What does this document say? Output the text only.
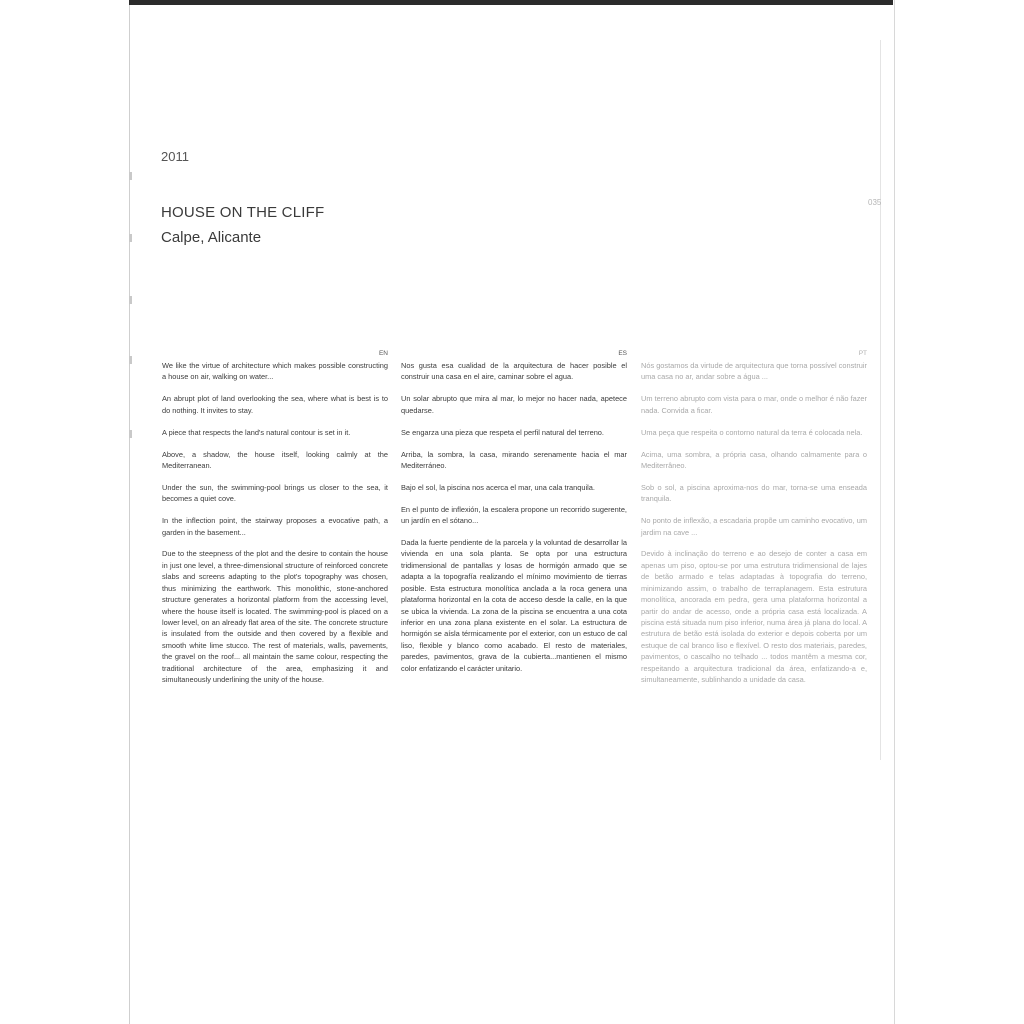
2011
HOUSE ON THE CLIFF
Calpe, Alicante
035
EN

We like the virtue of architecture which makes possible constructing a house on air, walking on water...

An abrupt plot of land overlooking the sea, where what is best is to do nothing. It invites to stay.

A piece that respects the land's natural contour is set in it.

Above, a shadow, the house itself, looking calmly at the Mediterranean.

Under the sun, the swimming-pool brings us closer to the sea, it becomes a quiet cove.

In the inflection point, the stairway proposes a evocative path, a garden in the basement...

Due to the steepness of the plot and the desire to contain the house in just one level, a three-dimensional structure of reinforced concrete slabs and screens adapting to the plot's topography was chosen, thus minimizing the earthwork. This monolithic, stone-anchored structure generates a horizontal platform from the accessing level, where the house itself is located. The swimming-pool is placed on a lower level, on an already flat area of the site. The concrete structure is insulated from the outside and then covered by a flexible and smooth white lime stucco. The rest of materials, walls, pavements, the gravel on the roof... all maintain the same colour, respecting the traditional architecture of the area, emphasizing it and simultaneously underlining the unity of the house.

ES

Nos gusta esa cualidad de la arquitectura de hacer posible el construir una casa en el aire, caminar sobre el agua.

Un solar abrupto que mira al mar, lo mejor no hacer nada, apetece quedarse.

Se engarza una pieza que respeta el perfil natural del terreno.

Arriba, la sombra, la casa, mirando serenamente hacia el mar Mediterráneo.

Bajo el sol, la piscina nos acerca el mar, una cala tranquila.

En el punto de inflexión, la escalera propone un recorrido sugerente, un jardín en el sótano...

Dada la fuerte pendiente de la parcela y la voluntad de desarrollar la vivienda en una sola planta. Se opta por una estructura tridimensional de pantallas y losas de hormigón armado que se adapta a la topografía realizando el mínimo movimiento de tierras posible. Esta estructura monolítica anclada a la roca genera una plataforma horizontal en la cota de acceso desde la calle, en la que se ubica la vivienda. La zona de la piscina se encuentra a una cota inferior en una zona plana existente en el solar. La estructura de hormigón se aísla térmicamente por el exterior, con un estuco de cal liso, flexible y blanco como acabado. El resto de materiales, paredes, pavimentos, grava de la cubierta...mantienen el mismo color enfatizando el carácter unitario.

PT

Nós gostamos da virtude de arquitectura que torna possível construir uma casa no ar, andar sobre a água ...

Um terreno abrupto com vista para o mar, onde o melhor é não fazer nada. Convida a ficar.

Uma peça que respeita o contorno natural da terra é colocada nela.

Acima, uma sombra, a própria casa, olhando calmamente para o Mediterrâneo.

Sob o sol, a piscina aproxima-nos do mar, torna-se uma enseada tranquila.

No ponto de inflexão, a escadaria propõe um caminho evocativo, um jardim na cave ...

Devido à inclinação do terreno e ao desejo de conter a casa em apenas um piso, optou-se por uma estrutura tridimensional de lajes de betão armado e telas adaptadas à topografia do terreno, minimizando assim, o trabalho de terraplanagem. Esta estrutura monolítica, ancorada em pedra, gera uma plataforma horizontal a partir do andar de acesso, onde a própria casa está localizada. A piscina está situada num piso inferior, numa área já plana do local. A estrutura de betão está isolada do exterior e depois coberta por um estuque de cal branco liso e flexível. O resto dos materiais, paredes, pavimentos, o cascalho no telhado ... todos mantêm a mesma cor, respeitando a arquitectura tradicional da área, enfatizando-a e, simultaneamente, sublinhando a unidade da casa.
